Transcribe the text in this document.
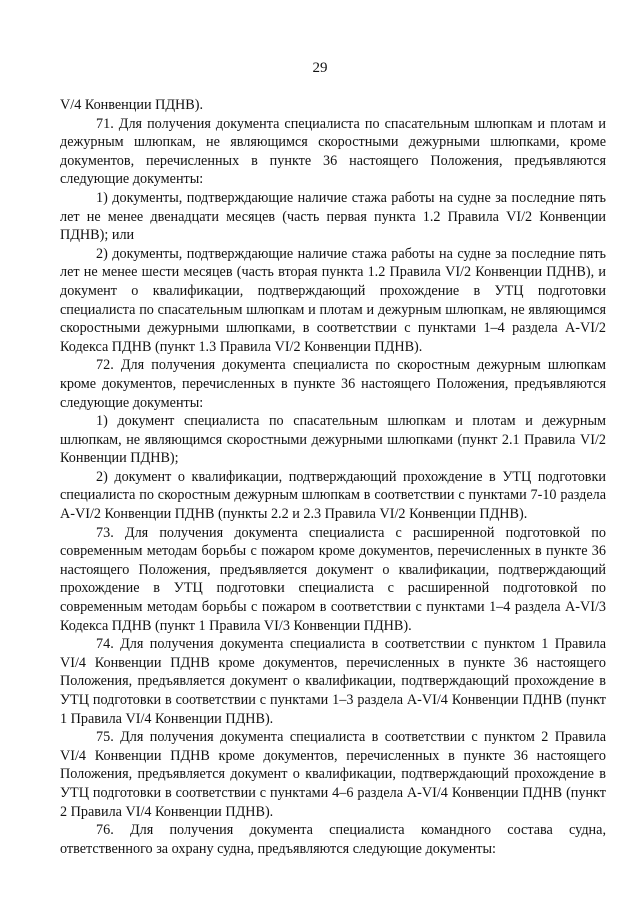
29

V/4 Конвенции ПДНВ).

71. Для получения документа специалиста по спасательным шлюпкам и плотам и дежурным шлюпкам, не являющимся скоростными дежурными шлюпками, кроме документов, перечисленных в пункте 36 настоящего Положения, предъявляются следующие документы:

1) документы, подтверждающие наличие стажа работы на судне за последние пять лет не менее двенадцати месяцев (часть первая пункта 1.2 Правила VI/2 Конвенции ПДНВ); или

2) документы, подтверждающие наличие стажа работы на судне за последние пять лет не менее шести месяцев (часть вторая пункта 1.2 Правила VI/2 Конвенции ПДНВ), и документ о квалификации, подтверждающий прохождение в УТЦ подготовки специалиста по спасательным шлюпкам и плотам и дежурным шлюпкам, не являющимся скоростными дежурными шлюпками, в соответствии с пунктами 1–4 раздела A-VI/2 Кодекса ПДНВ (пункт 1.3 Правила VI/2 Конвенции ПДНВ).

72. Для получения документа специалиста по скоростным дежурным шлюпкам кроме документов, перечисленных в пункте 36 настоящего Положения, предъявляются следующие документы:

1) документ специалиста по спасательным шлюпкам и плотам и дежурным шлюпкам, не являющимся скоростными дежурными шлюпками (пункт 2.1 Правила VI/2 Конвенции ПДНВ);

2) документ о квалификации, подтверждающий прохождение в УТЦ подготовки специалиста по скоростным дежурным шлюпкам в соответствии с пунктами 7-10 раздела A-VI/2 Конвенции ПДНВ (пункты 2.2 и 2.3 Правила VI/2 Конвенции ПДНВ).

73. Для получения документа специалиста с расширенной подготовкой по современным методам борьбы с пожаром кроме документов, перечисленных в пункте 36 настоящего Положения, предъявляется документ о квалификации, подтверждающий прохождение в УТЦ подготовки специалиста с расширенной подготовкой по современным методам борьбы с пожаром в соответствии с пунктами 1–4 раздела A-VI/3 Кодекса ПДНВ (пункт 1 Правила VI/3 Конвенции ПДНВ).

74. Для получения документа специалиста в соответствии с пунктом 1 Правила VI/4 Конвенции ПДНВ кроме документов, перечисленных в пункте 36 настоящего Положения, предъявляется документ о квалификации, подтверждающий прохождение в УТЦ подготовки в соответствии с пунктами 1–3 раздела A-VI/4 Конвенции ПДНВ (пункт 1 Правила VI/4 Конвенции ПДНВ).

75. Для получения документа специалиста в соответствии с пунктом 2 Правила VI/4 Конвенции ПДНВ кроме документов, перечисленных в пункте 36 настоящего Положения, предъявляется документ о квалификации, подтверждающий прохождение в УТЦ подготовки в соответствии с пунктами 4–6 раздела A-VI/4 Конвенции ПДНВ (пункт 2 Правила VI/4 Конвенции ПДНВ).

76. Для получения документа специалиста командного состава судна, ответственного за охрану судна, предъявляются следующие документы:
